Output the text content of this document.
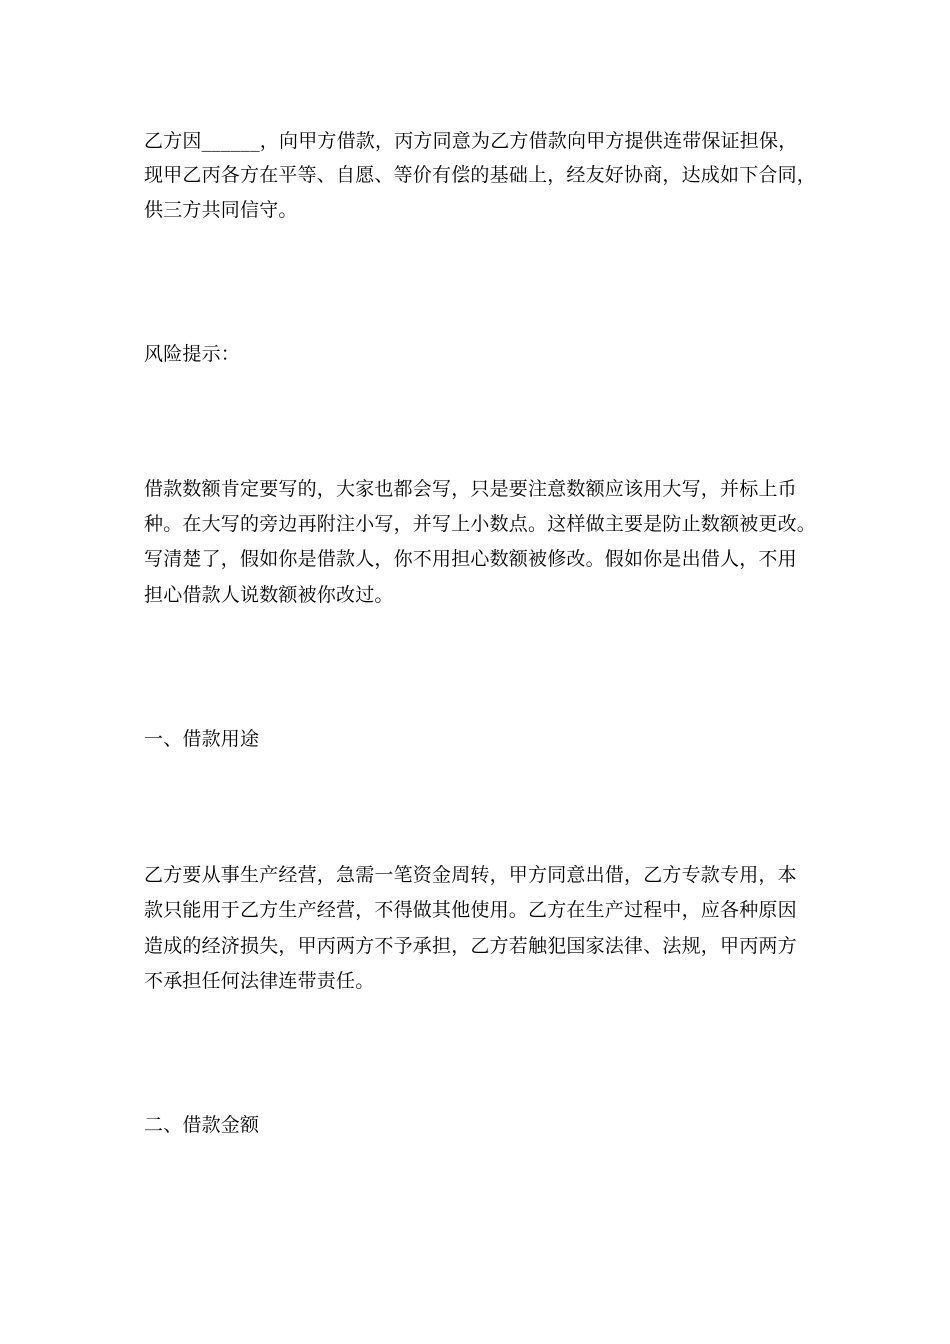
乙方因______，向甲方借款，丙方同意为乙方借款向甲方提供连带保证担保，
现甲乙丙各方在平等、自愿、等价有偿的基础上，经友好协商，达成如下合同，
供三方共同信守。
风险提示：
借款数额肯定要写的，大家也都会写，只是要注意数额应该用大写，并标上币
种。在大写的旁边再附注小写，并写上小数点。这样做主要是防止数额被更改。
写清楚了，假如你是借款人，你不用担心数额被修改。假如你是出借人，不用
担心借款人说数额被你改过。
一、借款用途
乙方要从事生产经营，急需一笔资金周转，甲方同意出借，乙方专款专用，本
款只能用于乙方生产经营，不得做其他使用。乙方在生产过程中，应各种原因
造成的经济损失，甲丙两方不予承担，乙方若触犯国家法律、法规，甲丙两方
不承担任何法律连带责任。
二、借款金额
